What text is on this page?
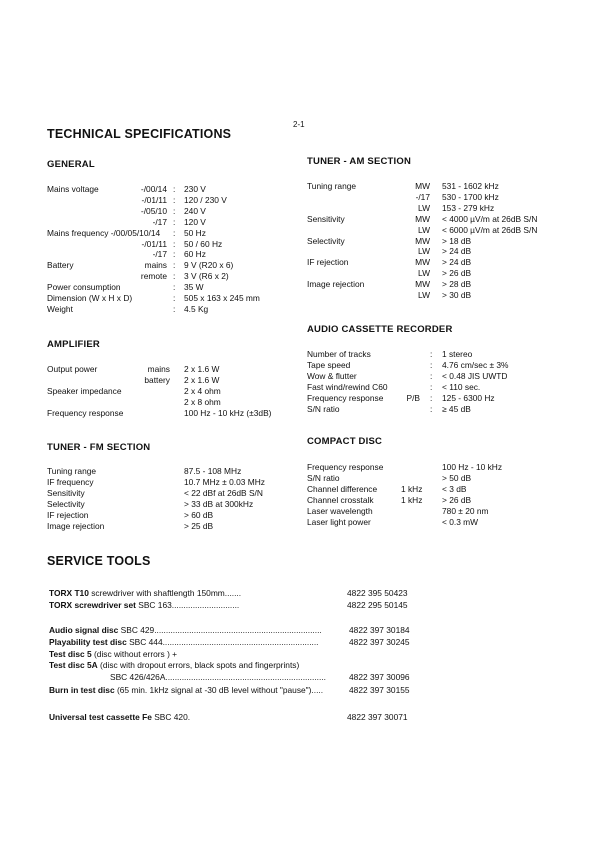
2-1
TECHNICAL SPECIFICATIONS
GENERAL
Mains voltage	-/00/14 : 230 V
-/01/11 : 120 / 230 V
-/05/10 : 240 V
-/17 : 120 V
Mains frequency -/00/05/10/14 : 50 Hz
-/01/11 : 50 / 60 Hz
-/17 : 60 Hz
Battery	mains : 9 V (R20 x 6)
remote : 3 V (R6 x 2)
Power consumption	: 35 W
Dimension (W x H x D)	: 505 x 163 x 245 mm
Weight	: 4.5 Kg
AMPLIFIER
Output power	mains 2 x 1.6 W
battery 2 x 1.6 W
Speaker impedance	2 x 4 ohm
2 x 8 ohm
Frequency response	100 Hz - 10 kHz (±3dB)
TUNER - FM SECTION
Tuning range	87.5 - 108 MHz
IF frequency	10.7 MHz ± 0.03 MHz
Sensitivity	< 22 dBf at 26dB S/N
Selectivity	> 33 dB at 300kHz
IF rejection	> 60 dB
Image rejection	> 25 dB
TUNER - AM SECTION
Tuning range	MW 531 - 1602 kHz
-/17 530 - 1700 kHz
LW 153 - 279 kHz
Sensitivity	MW < 4000 µV/m at 26dB S/N
LW < 6000 µV/m at 26dB S/N
Selectivity	MW > 18 dB
LW > 24 dB
IF rejection	MW > 24 dB
LW > 26 dB
Image rejection	MW > 28 dB
LW > 30 dB
AUDIO CASSETTE RECORDER
Number of tracks	: 1 stereo
Tape speed	: 4.76 cm/sec ± 3%
Wow & flutter	: < 0.48 JIS UWTD
Fast wind/rewind C60	: < 110 sec.
Frequency response	P/B : 125 - 6300 Hz
S/N ratio	: ≥ 45 dB
COMPACT DISC
Frequency response	100 Hz - 10 kHz
S/N ratio	> 50 dB
Channel difference	1 kHz < 3 dB
Channel crosstalk	1 kHz > 26 dB
Laser wavelength	780 ± 20 nm
Laser light power	< 0.3 mW
SERVICE TOOLS
TORX T10 screwdriver with shaftlength 150mm.......	4822 395 50423
TORX screwdriver set SBC 163.............................	4822 295 50145
Audio signal disc SBC 429........................................................................	4822 397 30184
Playability test disc SBC 444...................................................................	4822 397 30245
Test disc 5 (disc without errors ) +
Test disc 5A (disc with dropout errors, black spots and fingerprints)
SBC 426/426A.....................................................................	4822 397 30096
Burn in test disc (65 min. 1kHz signal at -30 dB level without "pause").....	4822 397 30155
Universal test cassette Fe SBC 420.	4822 397 30071
